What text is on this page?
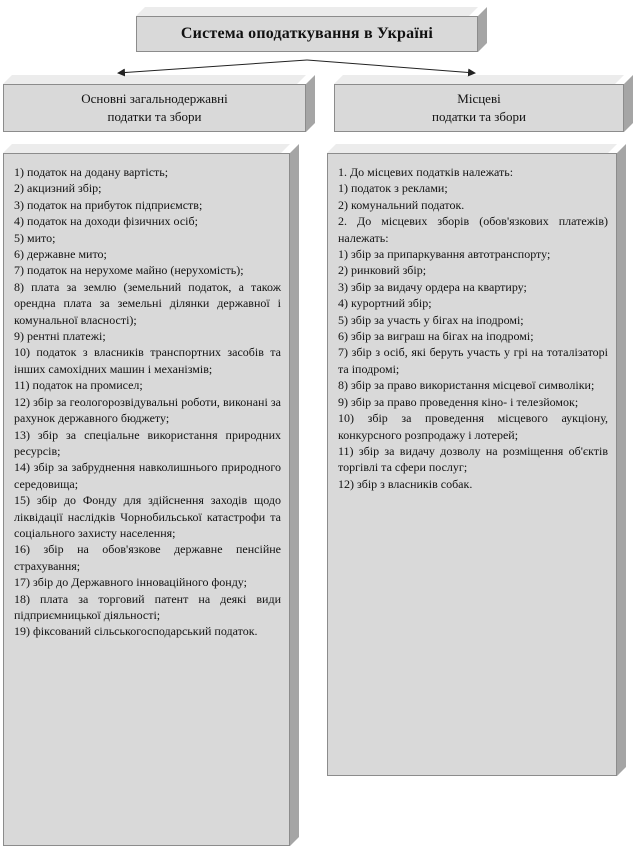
Система оподаткування в Україні
Основні загальнодержавні
податки та збори
Місцеві
податки та збори
1) податок на додану вартість;
2) акцизний збір;
3) податок на прибуток підприємств;
4) податок на доходи фізичних осіб;
5) мито;
6) державне мито;
7) податок на нерухоме майно (нерухомість);
8) плата за землю (земельний податок, а також орендна плата за земельні ділянки державної і комунальної власності);
9) рентні платежі;
10) податок з власників транспортних засобів та інших самохідних машин і механізмів;
11) податок на промисел;
12) збір за геологорозвідувальні роботи, виконані за рахунок державного бюджету;
13) збір за спеціальне використання природних ресурсів;
14) збір за забруднення навколишнього природного середовища;
15) збір до Фонду для здійснення заходів щодо ліквідації наслідків Чорнобильської катастрофи та соціального захисту населення;
16) збір на обов'язкове державне пенсійне страхування;
17) збір до Державного інноваційного фонду;
18) плата за торговий патент на деякі види підприємницької діяльності;
19) фіксований сільськогосподарський податок.
1. До місцевих податків належать:
1) податок з реклами;
2) комунальний податок.
2. До місцевих зборів (обов'язкових платежів) належать:
1) збір за припаркування автотранспорту;
2) ринковий збір;
3) збір за видачу ордера на квартиру;
4) курортний збір;
5) збір за участь у бігах на іподромі;
6) збір за виграш на бігах на іподромі;
7) збір з осіб, які беруть участь у грі на тоталізаторі та іподромі;
8) збір за право використання місцевої символіки;
9) збір за право проведення кіно- і телезйомок;
10) збір за проведення місцевого аукціону, конкурсного розпродажу і лотерей;
11) збір за видачу дозволу на розміщення об'єктів торгівлі та сфери послуг;
12) збір з власників собак.
